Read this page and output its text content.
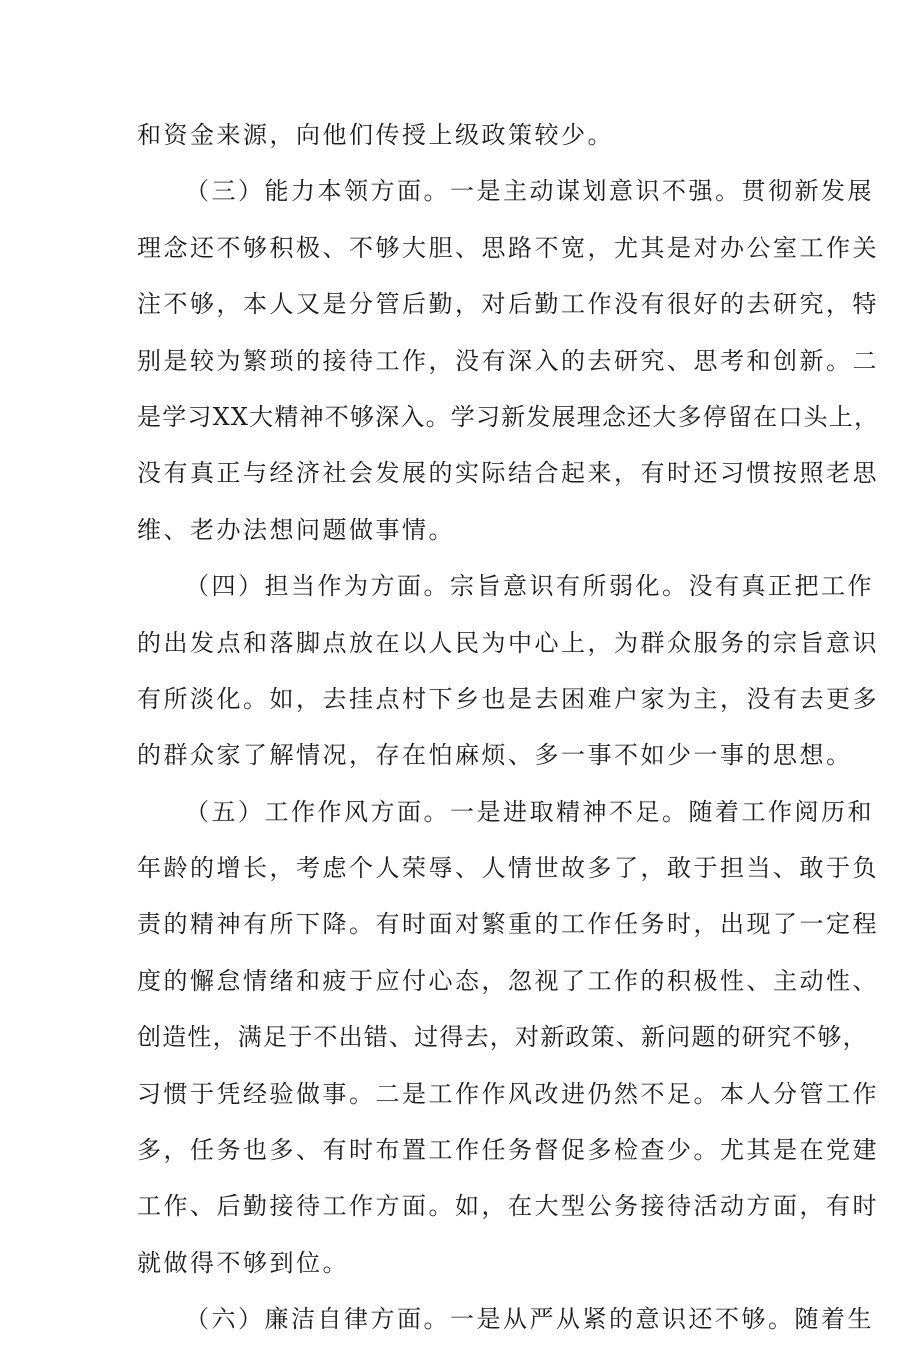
和资金来源，向他们传授上级政策较少。
（三）能力本领方面。一是主动谋划意识不强。贯彻新发展
理念还不够积极、不够大胆、思路不宽，尤其是对办公室工作关
注不够，本人又是分管后勤，对后勤工作没有很好的去研究，特
别是较为繁琐的接待工作，没有深入的去研究、思考和创新。二
是学习XX大精神不够深入。学习新发展理念还大多停留在口头上，
没有真正与经济社会发展的实际结合起来，有时还习惯按照老思
维、老办法想问题做事情。
（四）担当作为方面。宗旨意识有所弱化。没有真正把工作
的出发点和落脚点放在以人民为中心上，为群众服务的宗旨意识
有所淡化。如，去挂点村下乡也是去困难户家为主，没有去更多
的群众家了解情况，存在怕麻烦、多一事不如少一事的思想。
（五）工作作风方面。一是进取精神不足。随着工作阅历和
年龄的增长，考虑个人荣辱、人情世故多了，敢于担当、敢于负
责的精神有所下降。有时面对繁重的工作任务时，出现了一定程
度的懈怠情绪和疲于应付心态，忽视了工作的积极性、主动性、
创造性，满足于不出错、过得去，对新政策、新问题的研究不够，
习惯于凭经验做事。二是工作作风改进仍然不足。本人分管工作
多，任务也多、有时布置工作任务督促多检查少。尤其是在党建
工作、后勤接待工作方面。如，在大型公务接待活动方面，有时
就做得不够到位。
（六）廉洁自律方面。一是从严从紧的意识还不够。随着生
